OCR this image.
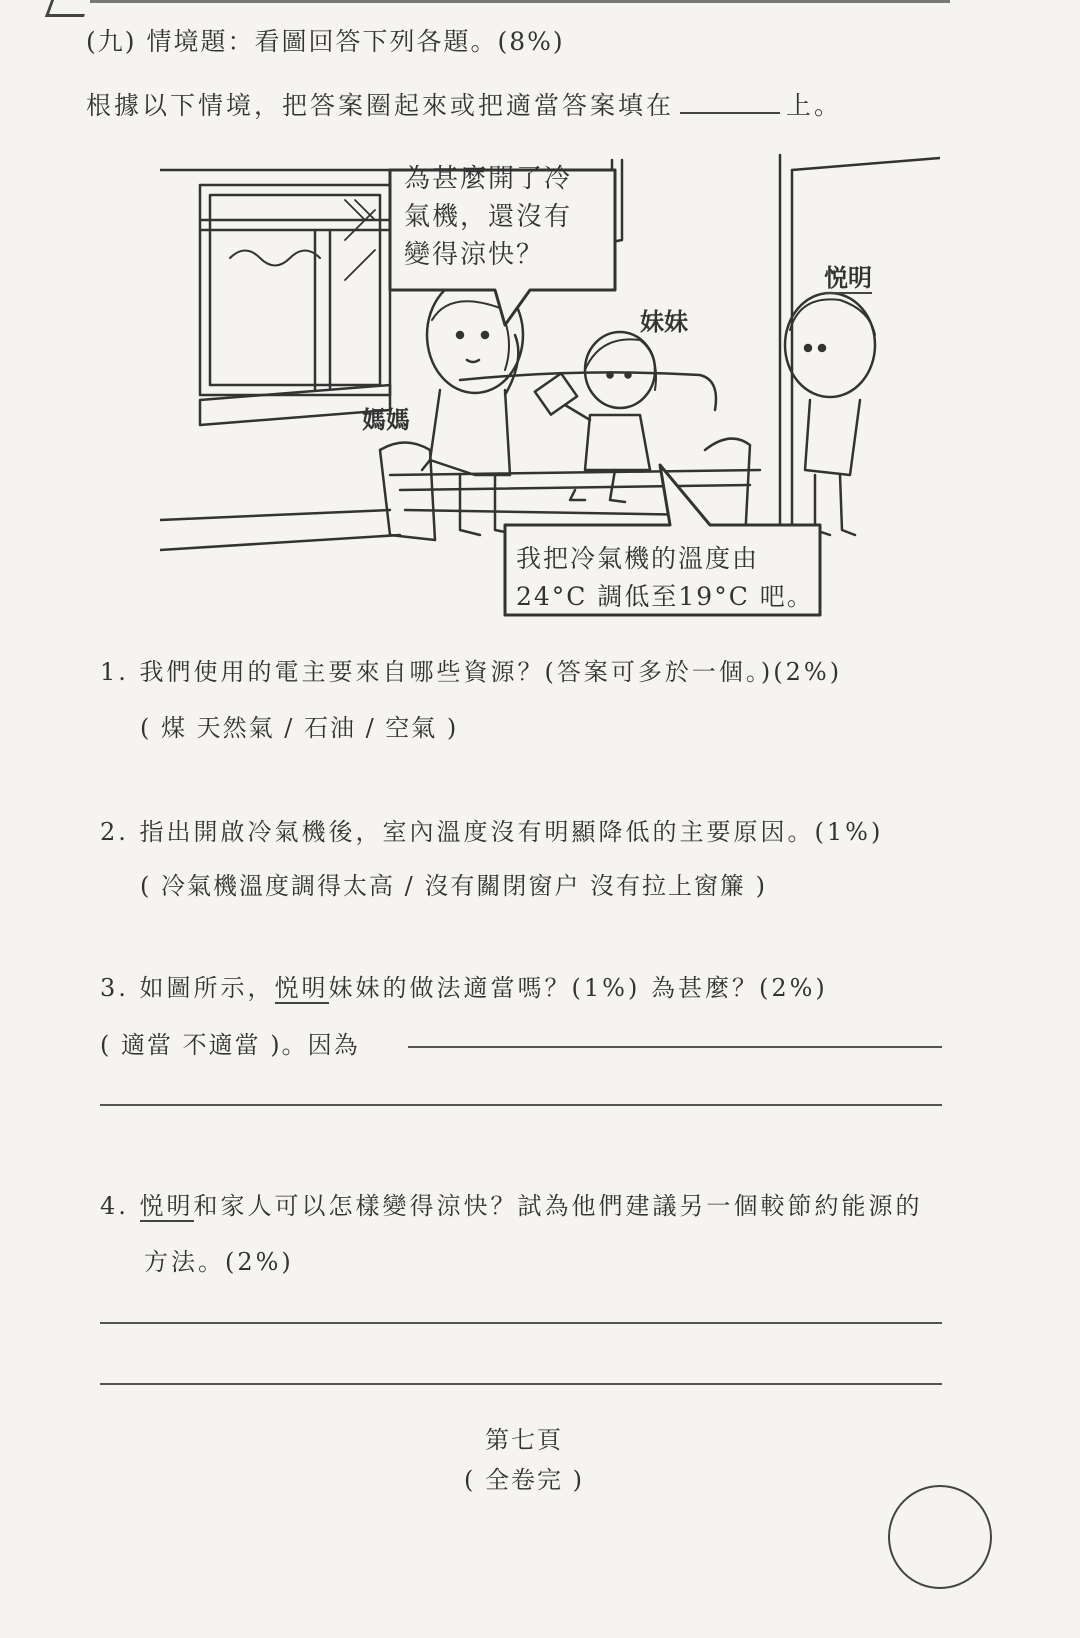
(九) 情境題：看圖回答下列各題。(8%)
根據以下情境，把答案圈起來或把適當答案填在	上。
為甚麼開了冷
氣機，還沒有
變得涼快？
我把冷氣機的溫度由
24°C 調低至19°C 吧。
媽媽
妹妹
悦明
1. 我們使用的電主要來自哪些資源？(答案可多於一個。)(2%)
( 煤 天然氣 / 石油 / 空氣 )
2. 指出開啟冷氣機後，室內溫度沒有明顯降低的主要原因。(1%)
( 冷氣機溫度調得太高 / 沒有關閉窗户 沒有拉上窗簾 )
3. 如圖所示，悦明妹妹的做法適當嗎？(1%) 為甚麼？(2%)
( 適當 不適當 )。因為
4. 悦明和家人可以怎樣變得涼快？試為他們建議另一個較節約能源的
方法。(2%)
第七頁
( 全卷完 )
